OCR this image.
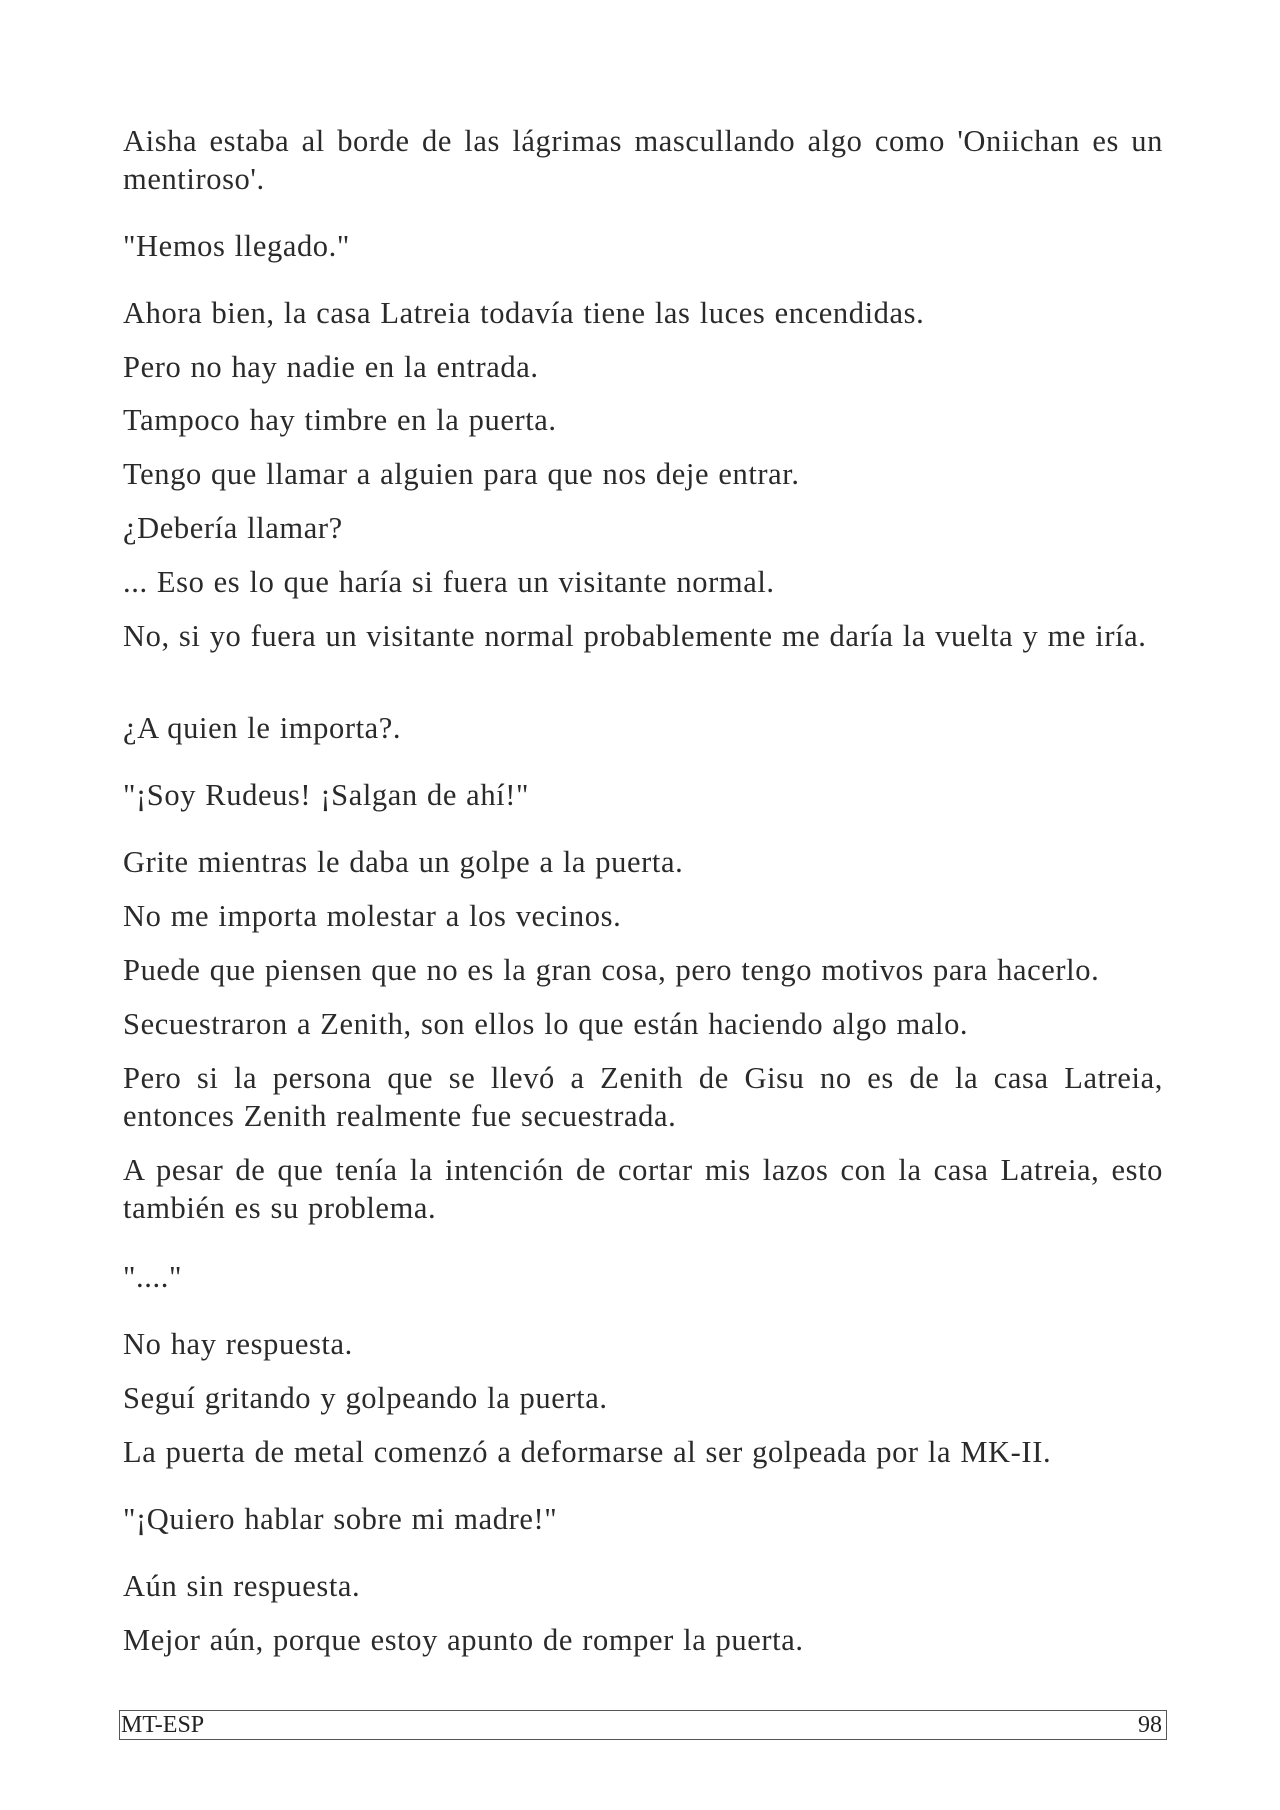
Aisha estaba al borde de las lágrimas mascullando algo como 'Oniichan es un mentiroso'.

"Hemos llegado."

Ahora bien, la casa Latreia todavía tiene las luces encendidas.

Pero no hay nadie en la entrada.

Tampoco hay timbre en la puerta.

Tengo que llamar a alguien para que nos deje entrar.

¿Debería llamar?

... Eso es lo que haría si fuera un visitante normal.

No, si yo fuera un visitante normal probablemente me daría la vuelta y me iría.

¿A quien le importa?.

"¡Soy Rudeus! ¡Salgan de ahí!"

Grite mientras le daba un golpe a la puerta.

No me importa molestar a los vecinos.

Puede que piensen que no es la gran cosa, pero tengo motivos para hacerlo.

Secuestraron a Zenith, son ellos lo que están haciendo algo malo.

Pero si la persona que se llevó a Zenith de Gisu no es de la casa Latreia, entonces Zenith realmente fue secuestrada.

A pesar de que tenía la intención de cortar mis lazos con la casa Latreia, esto también es su problema.

"...."

No hay respuesta.

Seguí gritando y golpeando la puerta.

La puerta de metal comenzó a deformarse al ser golpeada por la MK-II.

"¡Quiero hablar sobre mi madre!"

Aún sin respuesta.

Mejor aún, porque estoy apunto de romper la puerta.

MT-ESP	98
